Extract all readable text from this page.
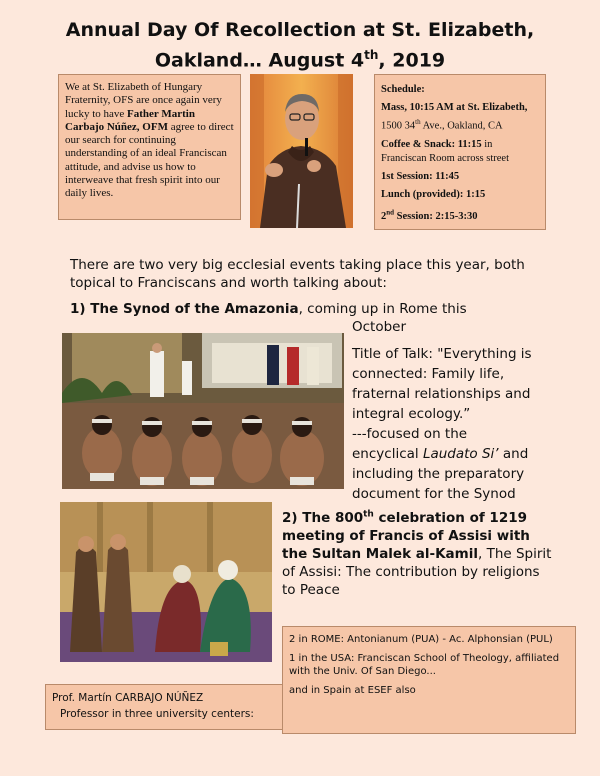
Annual Day Of Recollection at St. Elizabeth,
Oakland… August 4th, 2019
We at St. Elizabeth of Hungary Fraternity, OFS are once again very lucky to have Father Martin Carbajo Núñez, OFM agree to direct our search for continuing understanding of an ideal Franciscan attitude, and advise us how to interweave that fresh spirit into our daily lives.

Schedule:

Mass, 10:15 AM at St. Elizabeth,
1500 34th Ave., Oakland, CA

Coffee & Snack: 11:15 in Franciscan Room across street

1st Session: 11:45

Lunch (provided): 1:15

2nd Session: 2:15-3:30

There are two very big ecclesial events taking place this year, both topical to Franciscans and worth talking about:
1) The Synod of the Amazonia, coming up in Rome this
October
Title of Talk: "Everything is connected: Family life, fraternal relationships and integral ecology.”
---focused on the encyclical Laudato Si’ and including the preparatory document for the Synod
2) The 800th celebration of 1219 meeting of Francis of Assisi with the Sultan Malek al-Kamil, The Spirit of Assisi: The contribution by religions to Peace

2 in ROME: Antonianum (PUA) - Ac. Alphonsian (PUL)

1 in the USA: Franciscan School of Theology, affiliated with the Univ. Of San Diego...

and in Spain at ESEF also

Prof. Martín CARBAJO NÚÑEZ
Professor in three university centers:
